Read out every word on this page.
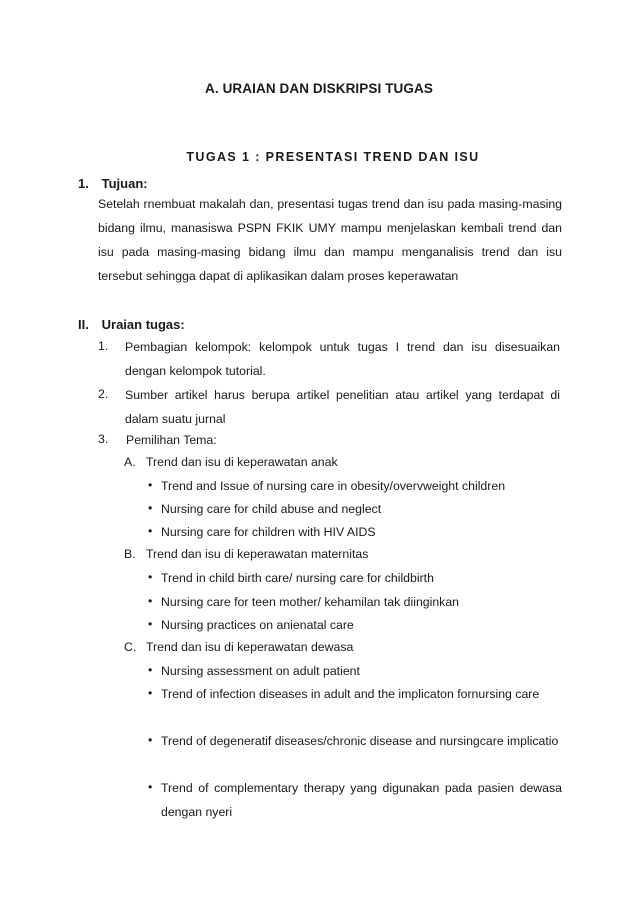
A. URAIAN DAN DISKRIPSI TUGAS
TUGAS 1 : PRESENTASI TREND DAN ISU
1. Tujuan:
Setelah rnembuat makalah dan, presentasi tugas trend dan isu pada masing-masing bidang ilmu, manasiswa PSPN FKIK UMY mampu menjelaskan kembali trend dan isu pada masing-masing bidang ilmu dan mampu menganalisis trend dan isu tersebut sehingga dapat di aplikasikan dalam proses keperawatan
II. Uraian tugas:
1. Pembagian kelompok: kelompok untuk tugas I trend dan isu disesuaikan dengan kelompok tutorial.
2. Sumber artikel harus berupa artikel penelitian atau artikel yang terdapat di dalam suatu jurnal
3. Pemilihan Tema:
A. Trend dan isu di keperawatan anak
• Trend and Issue of nursing care in obesity/overvweight children
• Nursing care for child abuse and neglect
• Nursing care for children with HIV AIDS
B. Trend dan isu di keperawatan maternitas
• Trend in child birth care/ nursing care for childbirth
• Nursing care for teen mother/ kehamilan tak diinginkan
• Nursing practices on anienatal care
C. Trend dan isu di keperawatan dewasa
• Nursing assessment on adult patient
• Trend of infection diseases in adult and the implicaton fornursing care
• Trend of degeneratif diseases/chronic disease and nursingcare implicatio
• Trend of complementary therapy yang digunakan pada pasien dewasa dengan nyeri
